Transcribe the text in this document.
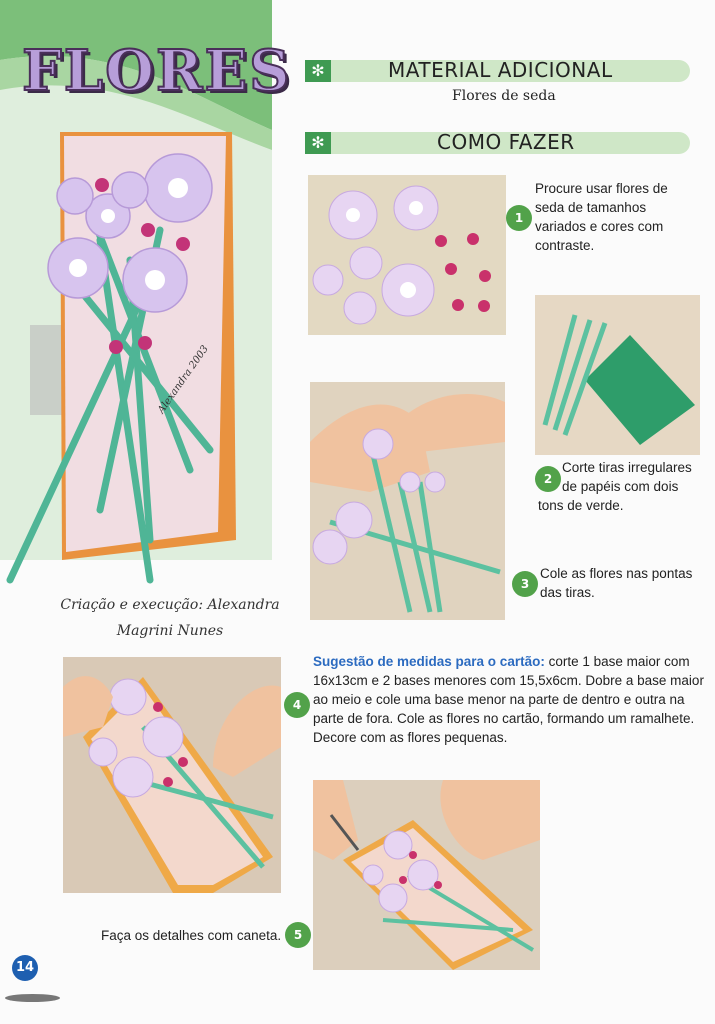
FLORES
Alexandra 2003
Criação e execução: Alexandra
Magrini Nunes
✻	MATERIAL ADICIONAL
Flores de seda
✻	COMO FAZER
1
Procure usar flores de
seda de tamanhos
variados e cores com
contraste.
2
Corte tiras irregulares
de papéis com dois
tons de verde.
3
Cole as flores nas pontas
das tiras.
4
Sugestão de medidas para o cartão: corte 1 base maior com
16x13cm e 2 bases menores com 15,5x6cm. Dobre a base maior
ao meio e cole uma base menor na parte de dentro e outra na
parte de fora. Cole as flores no cartão, formando um ramalhete.
Decore com as flores pequenas.
Faça os detalhes com caneta.	5
14
